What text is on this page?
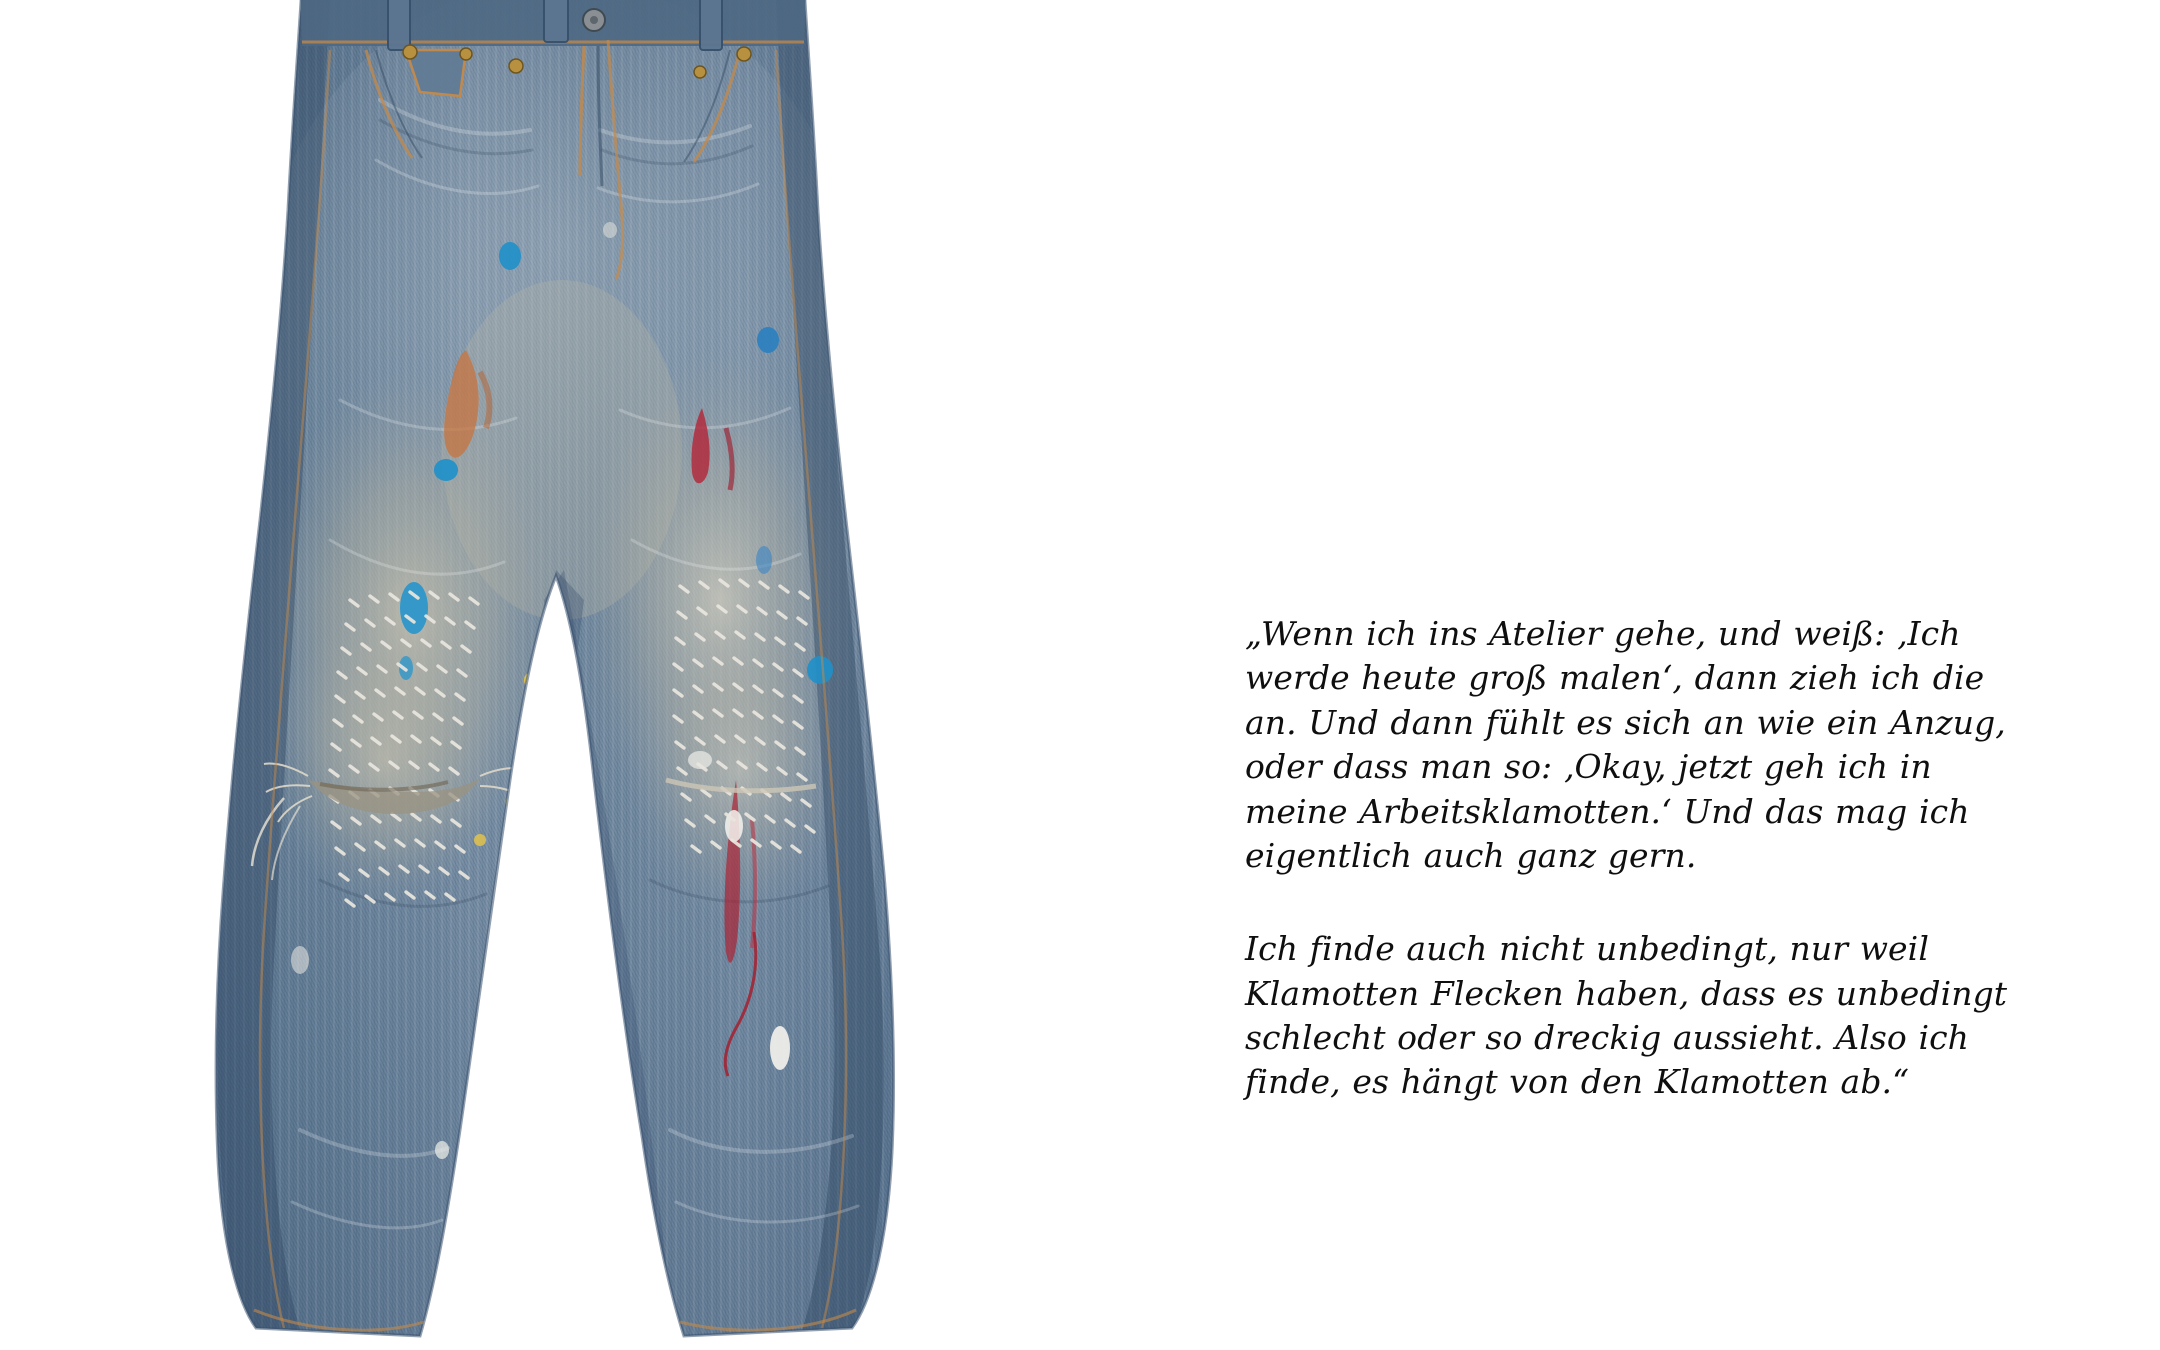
„Wenn ich ins Atelier gehe, und weiß: ‚Ich werde heute groß malen‘, dann zieh ich die an. Und dann fühlt es sich an wie ein Anzug, oder dass man so: ‚Okay, jetzt geh ich in meine Arbeitsklamotten.‘ Und das mag ich eigentlich auch ganz gern.

Ich finde auch nicht unbedingt, nur weil Klamotten Flecken haben, dass es unbedingt schlecht oder so dreckig aussieht. Also ich finde, es hängt von den Klamotten ab.“
